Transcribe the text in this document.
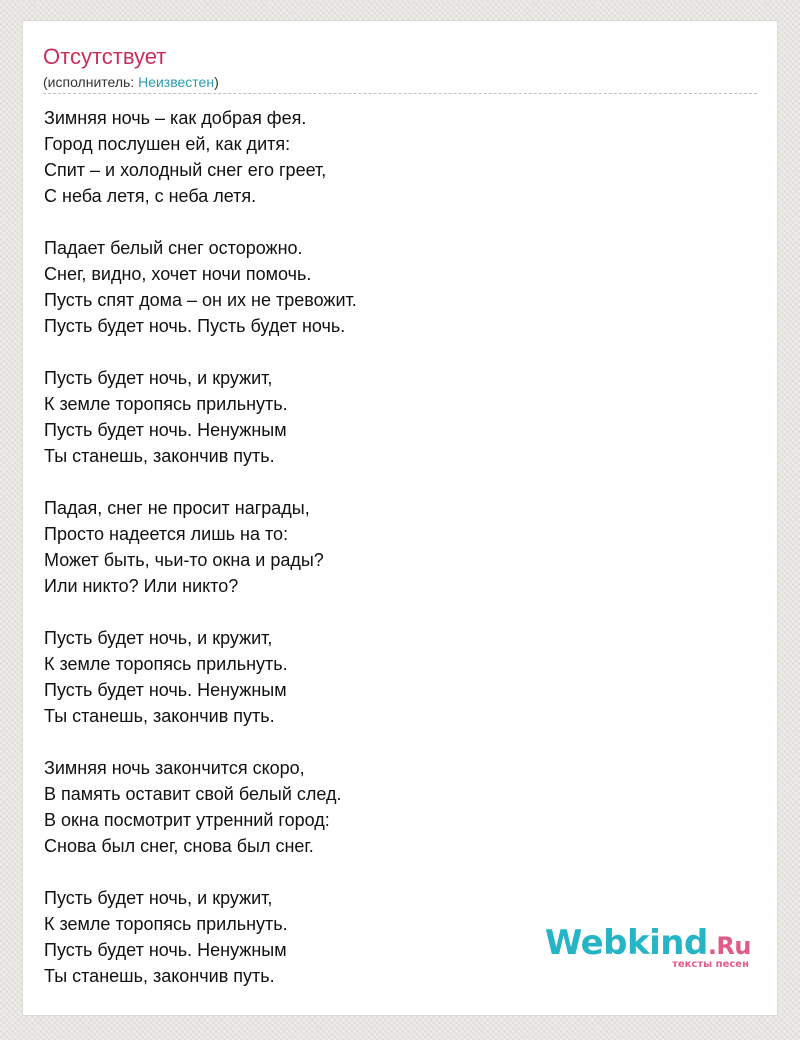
Отсутствует
(исполнитель: Неизвестен)

Зимняя ночь – как добрая фея.
Город послушен ей, как дитя:
Спит – и холодный снег его греет,
С неба летя, с неба летя.

Падает белый снег осторожно.
Снег, видно, хочет ночи помочь.
Пусть спят дома – он их не тревожит.
Пусть будет ночь. Пусть будет ночь.

Пусть будет ночь, и кружит,
К земле торопясь прильнуть.
Пусть будет ночь. Ненужным
Ты станешь, закончив путь.

Падая, снег не просит награды,
Просто надеется лишь на то:
Может быть, чьи-то окна и рады?
Или никто? Или никто?

Пусть будет ночь, и кружит,
К земле торопясь прильнуть.
Пусть будет ночь. Ненужным
Ты станешь, закончив путь.

Зимняя ночь закончится скоро,
В память оставит свой белый след.
В окна посмотрит утренний город:
Снова был снег, снова был снег.

Пусть будет ночь, и кружит,
К земле торопясь прильнуть.
Пусть будет ночь. Ненужным
Ты станешь, закончив путь.

Webkind.Ru
тексты песен
